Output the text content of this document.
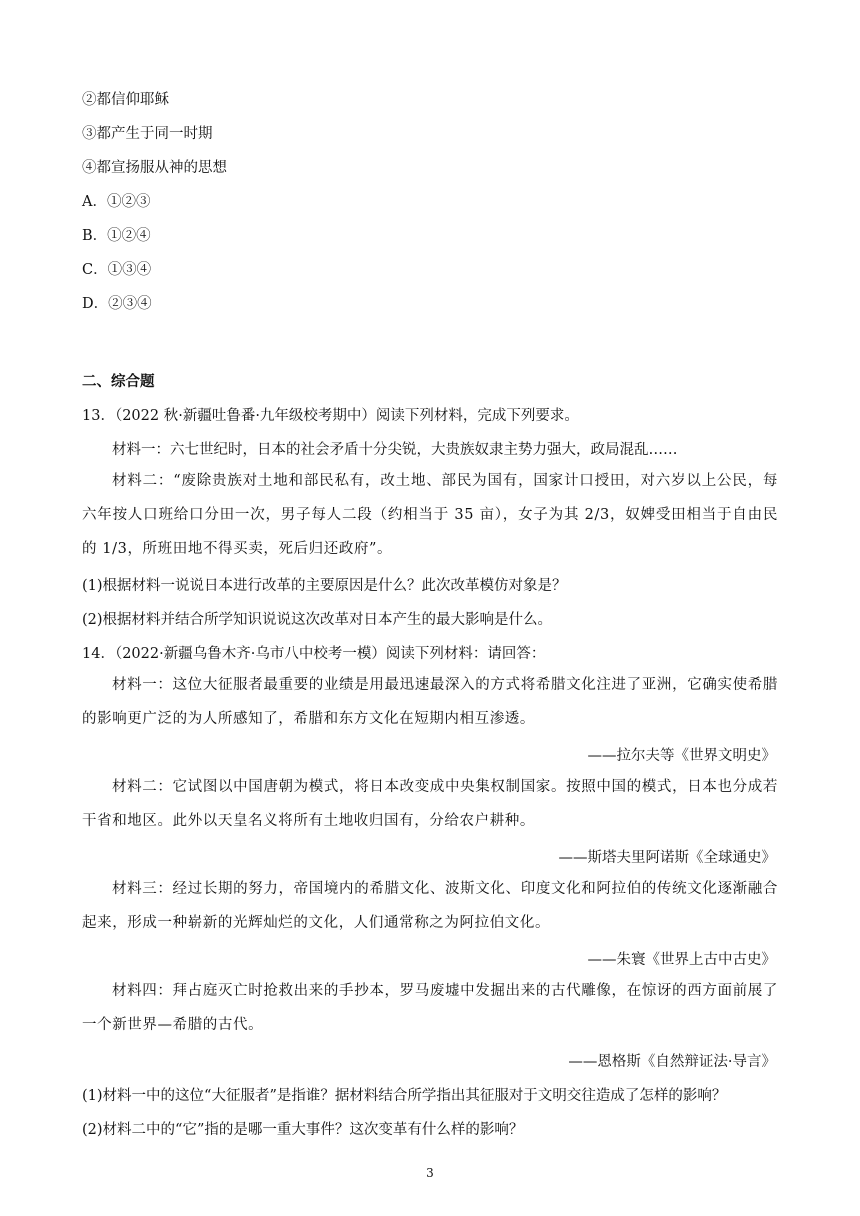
②都信仰耶稣
③都产生于同一时期
④都宣扬服从神的思想
A．①②③
B．①②④
C．①③④
D．②③④
二、综合题
13．（2022 秋·新疆吐鲁番·九年级校考期中）阅读下列材料，完成下列要求。
材料一：六七世纪时，日本的社会矛盾十分尖锐，大贵族奴隶主势力强大，政局混乱……
材料二：“废除贵族对土地和部民私有，改土地、部民为国有，国家计口授田，对六岁以上公民，每六年按人口班给口分田一次，男子每人二段（约相当于 35 亩），女子为其 2/3，奴婢受田相当于自由民的 1/3，所班田地不得买卖，死后归还政府”。
(1)根据材料一说说日本进行改革的主要原因是什么？此次改革模仿对象是？
(2)根据材料并结合所学知识说说这次改革对日本产生的最大影响是什么。
14．（2022·新疆乌鲁木齐·乌市八中校考一模）阅读下列材料：请回答：
材料一：这位大征服者最重要的业绩是用最迅速最深入的方式将希腊文化注进了亚洲，它确实使希腊的影响更广泛的为人所感知了，希腊和东方文化在短期内相互渗透。
——拉尔夫等《世界文明史》
材料二：它试图以中国唐朝为模式，将日本改变成中央集权制国家。按照中国的模式，日本也分成若干省和地区。此外以天皇名义将所有土地收归国有，分给农户耕种。
——斯塔夫里阿诺斯《全球通史》
材料三：经过长期的努力，帝国境内的希腊文化、波斯文化、印度文化和阿拉伯的传统文化逐渐融合起来，形成一种崭新的光辉灿烂的文化，人们通常称之为阿拉伯文化。
——朱寰《世界上古中古史》
材料四：拜占庭灭亡时抢救出来的手抄本，罗马废墟中发掘出来的古代雕像，在惊讶的西方面前展了一个新世界—希腊的古代。
——恩格斯《自然辩证法·导言》
(1)材料一中的这位“大征服者”是指谁？据材料结合所学指出其征服对于文明交往造成了怎样的影响？
(2)材料二中的“它”指的是哪一重大事件？这次变革有什么样的影响？
3
